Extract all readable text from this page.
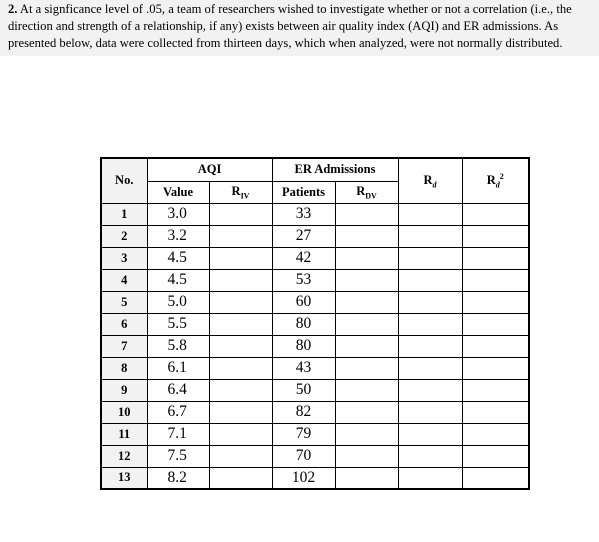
2. At a signficance level of .05, a team of researchers wished to investigate whether or not a correlation (i.e., the direction and strength of a relationship, if any) exists between air quality index (AQI) and ER admissions. As presented below, data were collected from thirteen days, which when analyzed, were not normally distributed.
No.	AQI		ER Admissions		$R_d$	$R_d^2$
	Value	$R_{IV}$	Patients	$R_{DV}$
1	3.0		33			
2	3.2		27			
3	4.5		42			
4	4.5		53			
5	5.0		60			
6	5.5		80			
7	5.8		80			
8	6.1		43			
9	6.4		50			
10	6.7		82			
11	7.1		79			
12	7.5		70			
13	8.2		102			
